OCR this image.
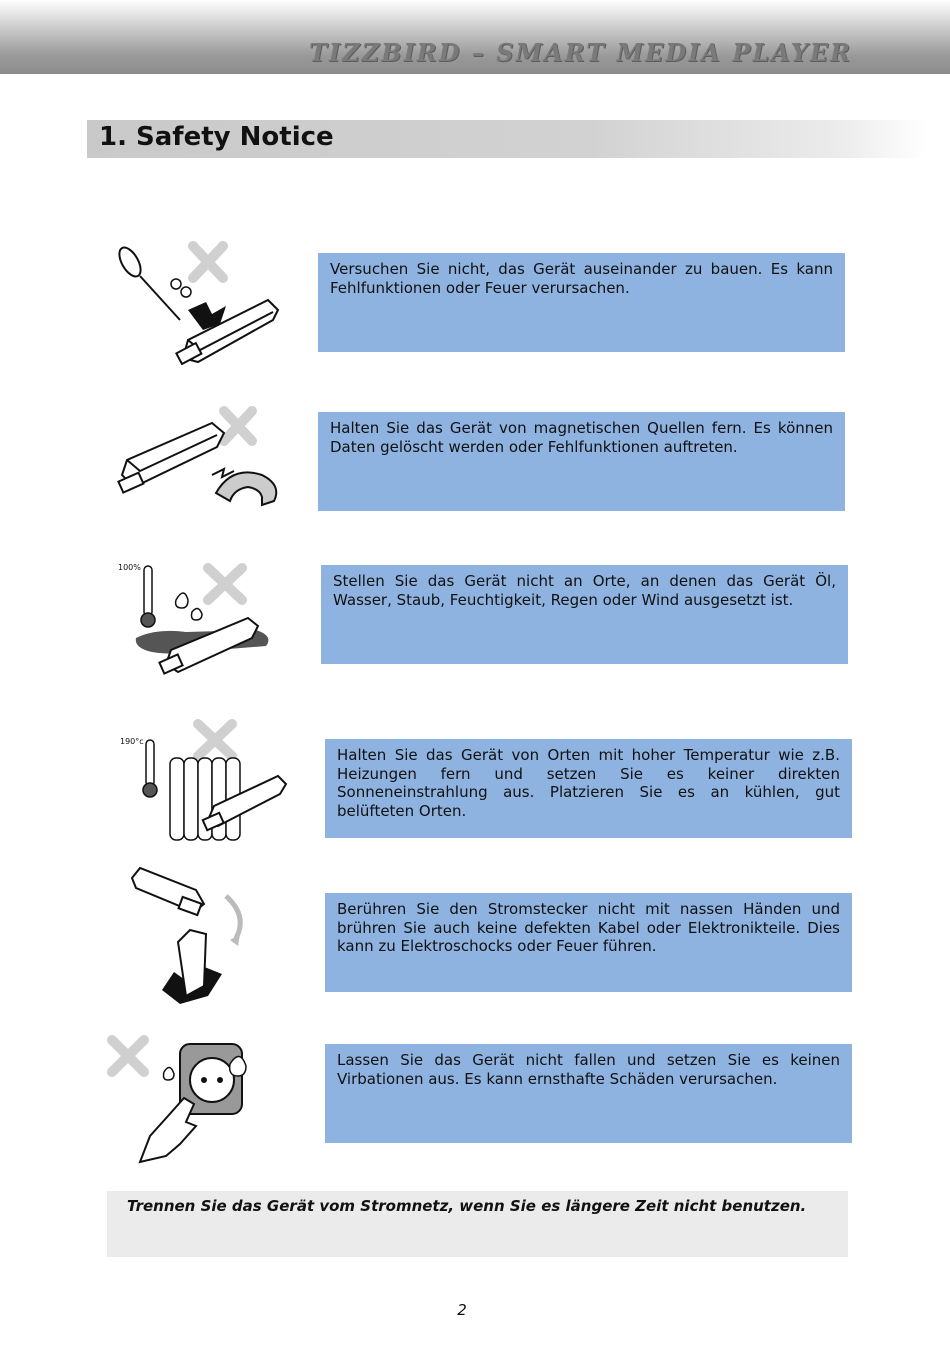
TIZZBIRD – SMART MEDIA PLAYER
1. Safety Notice
100%
190°c
Versuchen Sie nicht, das Gerät auseinander zu bauen. Es kann Fehlfunktionen oder Feuer verursachen.
Halten Sie das Gerät von magnetischen Quellen fern. Es können Daten gelöscht werden oder Fehlfunktionen auftreten.
Stellen Sie das Gerät nicht an Orte, an denen das Gerät Öl, Wasser, Staub, Feuchtigkeit, Regen oder Wind ausgesetzt ist.
Halten Sie das Gerät von Orten mit hoher Temperatur wie z.B. Heizungen fern und setzen Sie es keiner direkten Sonneneinstrahlung aus. Platzieren Sie es an kühlen, gut belüfteten Orten.
Berühren Sie den Stromstecker nicht mit nassen Händen und brühren Sie auch keine defekten Kabel oder Elektronikteile. Dies kann zu Elektroschocks oder Feuer führen.
Lassen Sie das Gerät nicht fallen und setzen Sie es keinen Virbationen aus. Es kann ernsthafte Schäden verursachen.
Trennen Sie das Gerät vom Stromnetz, wenn Sie es längere Zeit nicht benutzen.
2
